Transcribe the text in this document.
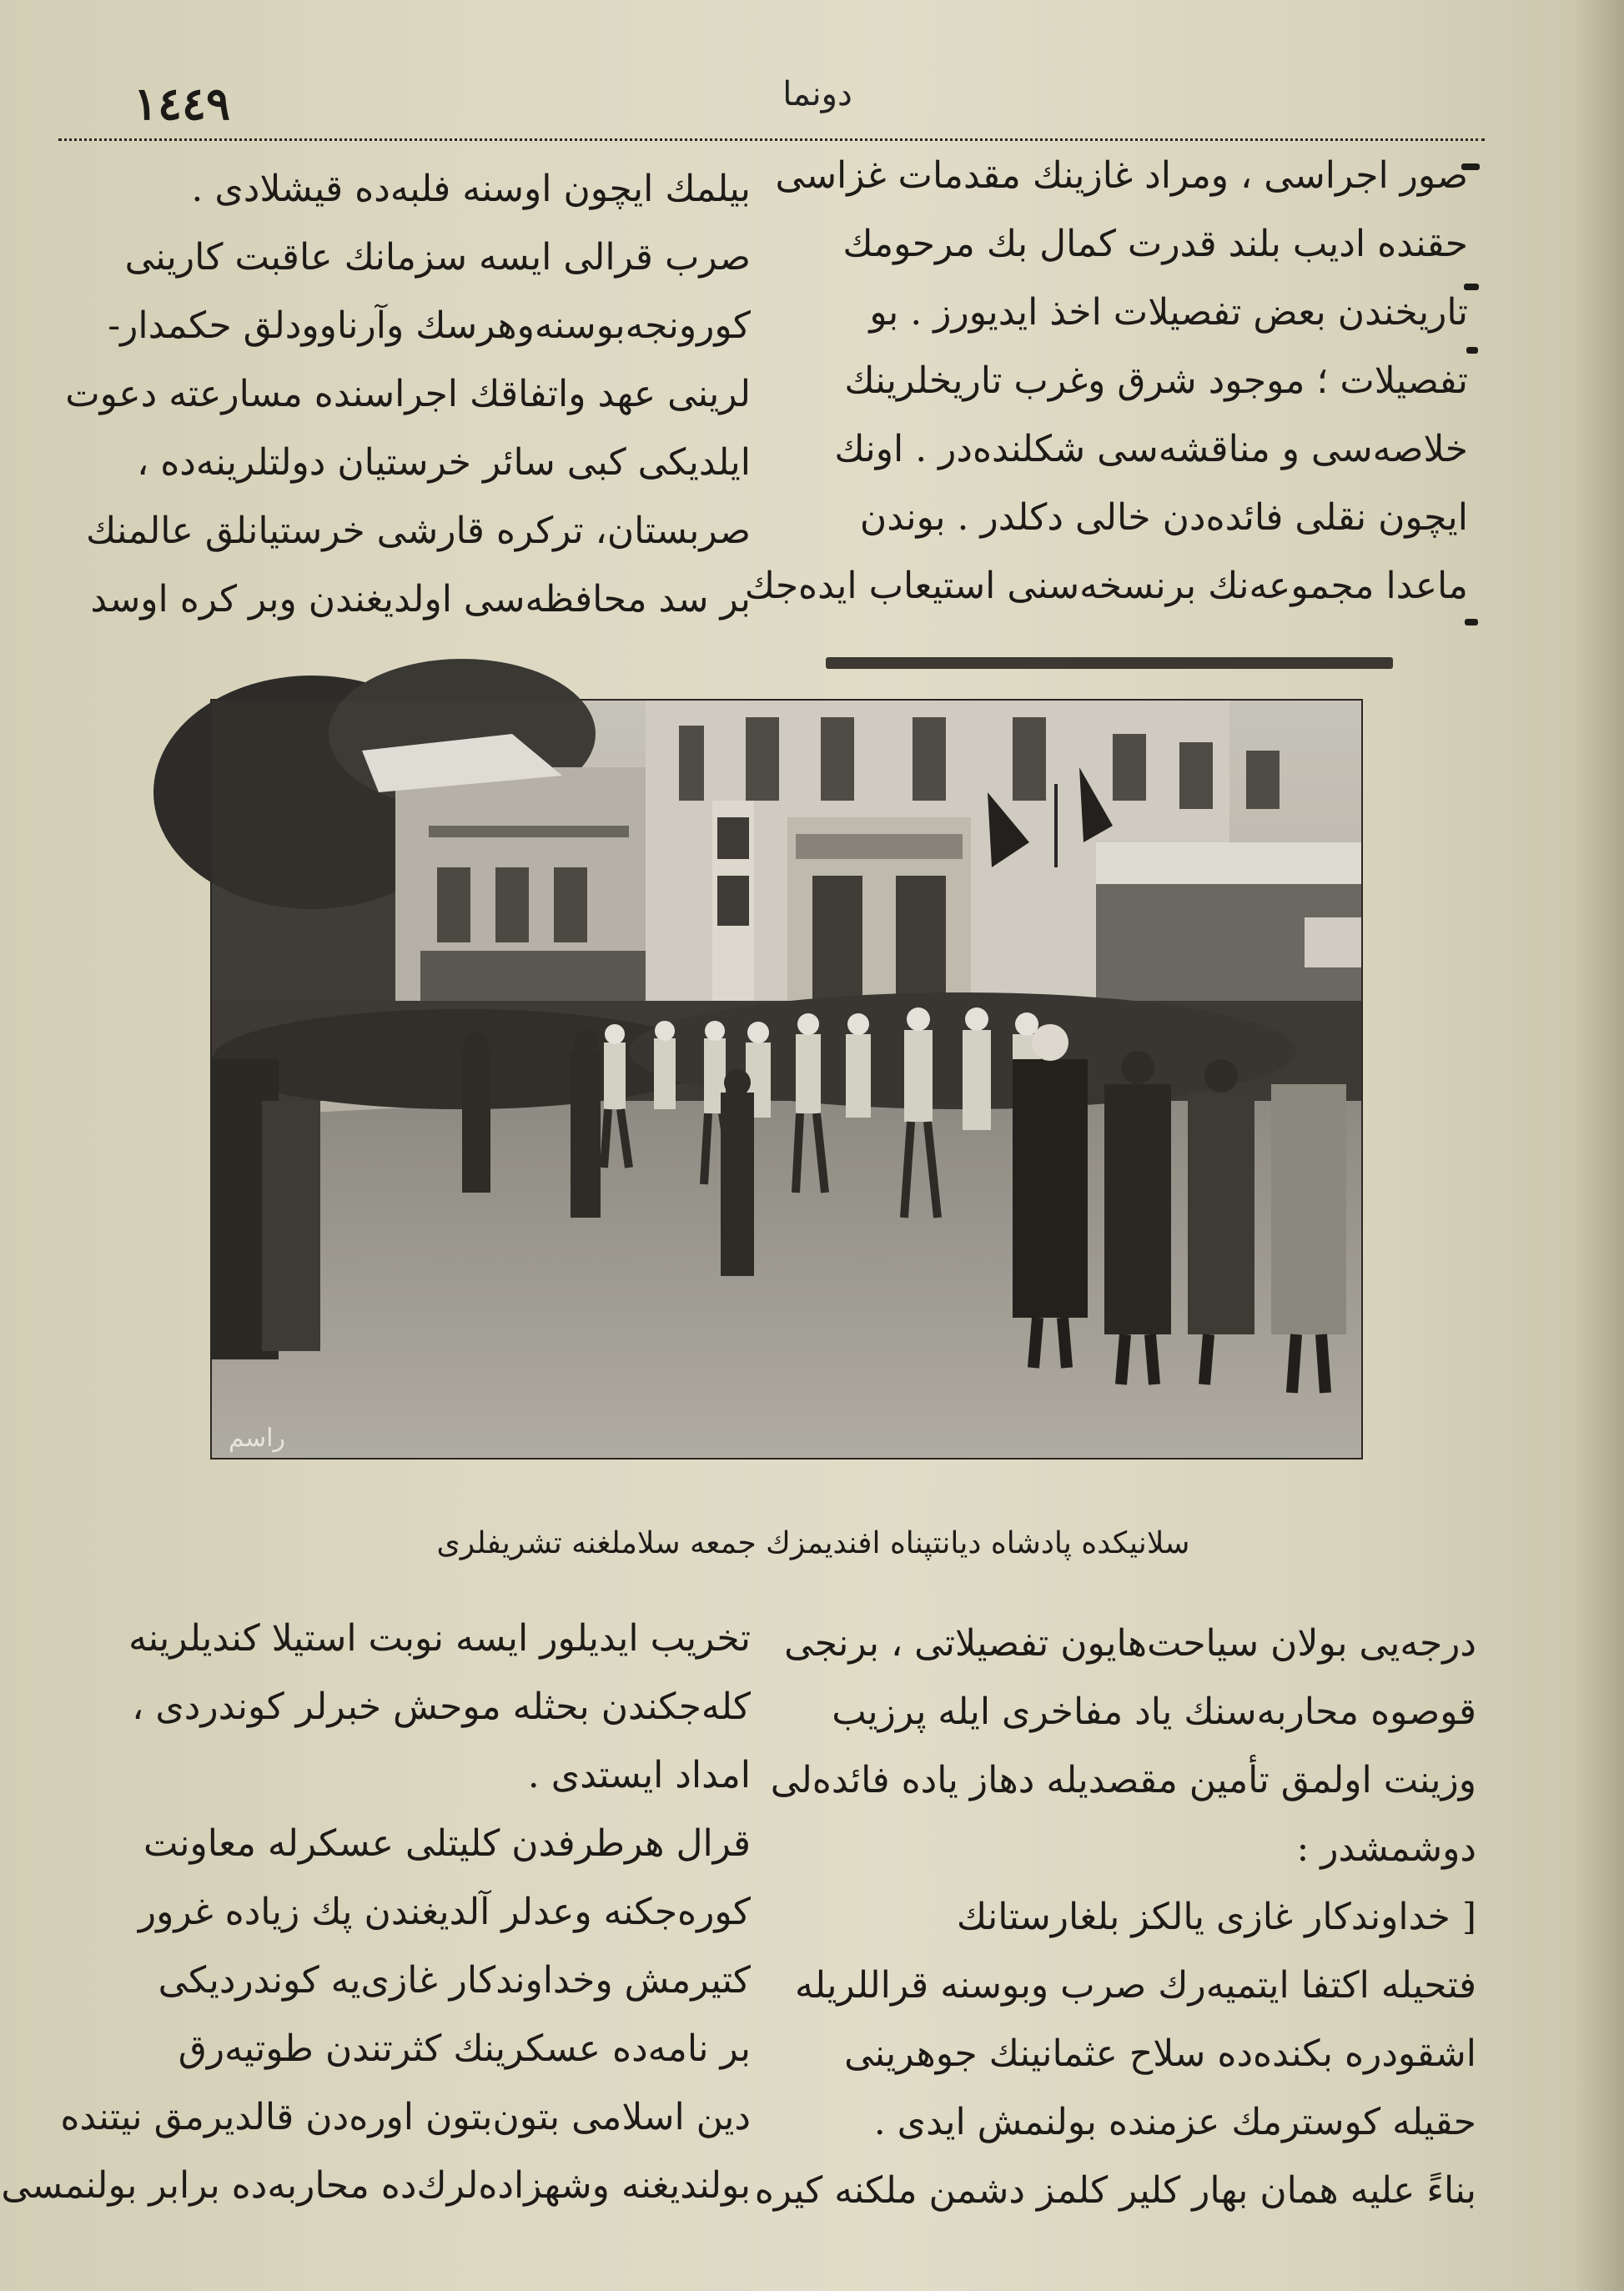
١٤٤٩	دونما
صور اجراسی ، ومراد غازینك مقدمات غزاسی
حقنده ادیب بلند قدرت كمال بك مرحومك
تاریخندن بعض تفصیلات اخذ ایدیورز . بو
تفصیلات ؛ موجود شرق وغرب تاریخلرینك
خلاصه‌سی و مناقشه‌سی شكلنده‌در . اونك
ایچون نقلی فائده‌دن خالی دكلدر . بوندن
ماعدا مجموعه‌نك برنسخه‌سنی استیعاب ایده‌جك
بیلمك ایچون اوسنه فلبه‌ده قیشلادی .
صرب قرالی ایسه سزمانك عاقبت كارینی
كورونجه‌بوسنه‌وهرسك وآرناوودلق حكمدار-
لرینی عهد واتفاقك اجراسنده مسارعته دعوت
ایلدیكی كبی سائر خرستیان دولتلرینه‌ده ،
صربستان، تركره قارشی خرستیانلق عالمنك
بر سد محافظه‌سی اولدیغندن وبر كره اوسد
راسم
سلانیكده پادشاه دیانتپناه افندیمزك جمعه سلاملغنه تشریفلری
درجه‌یی بولان سیاحت‌هایون تفصیلاتی ، برنجی
قوصوه محاربه‌سنك یاد مفاخری ایله پرزیب
وزینت اولمق تأمین مقصدیله دهاز یاده فائده‌لی
دوشمشدر :
[ خداوندكار غازی یالكز بلغارستانك
فتحیله اكتفا ایتمیه‌رك صرب وبوسنه قراللریله
اشقودره بكنده‌ده سلاح عثمانینك جوهرینی
حقیله كوسترمك عزمنده بولنمش ایدی .
بناءً علیه همان بهار كلیر كلمز دشمن ملكنه كیره‌
تخریب ایدیلور ایسه نوبت استیلا كندیلرینه
كله‌جكندن بحثله موحش خبرلر كوندردی ،
امداد ایستدی .
قرال هرطرفدن كلیتلی عسكرله معاونت
كوره‌جكنه وعدلر آلدیغندن پك زیاده غرور
كتیرمش وخداوندكار غازی‌یه كوندردیكی
بر نامه‌ده عسكرینك كثرتندن طوتیه‌رق
دین اسلامی بتون‌بتون اوره‌دن قالدیرمق نیتنده
بولندیغنه وشهزاده‌لرك‌ده محاربه‌ده برابر بولنمسی
